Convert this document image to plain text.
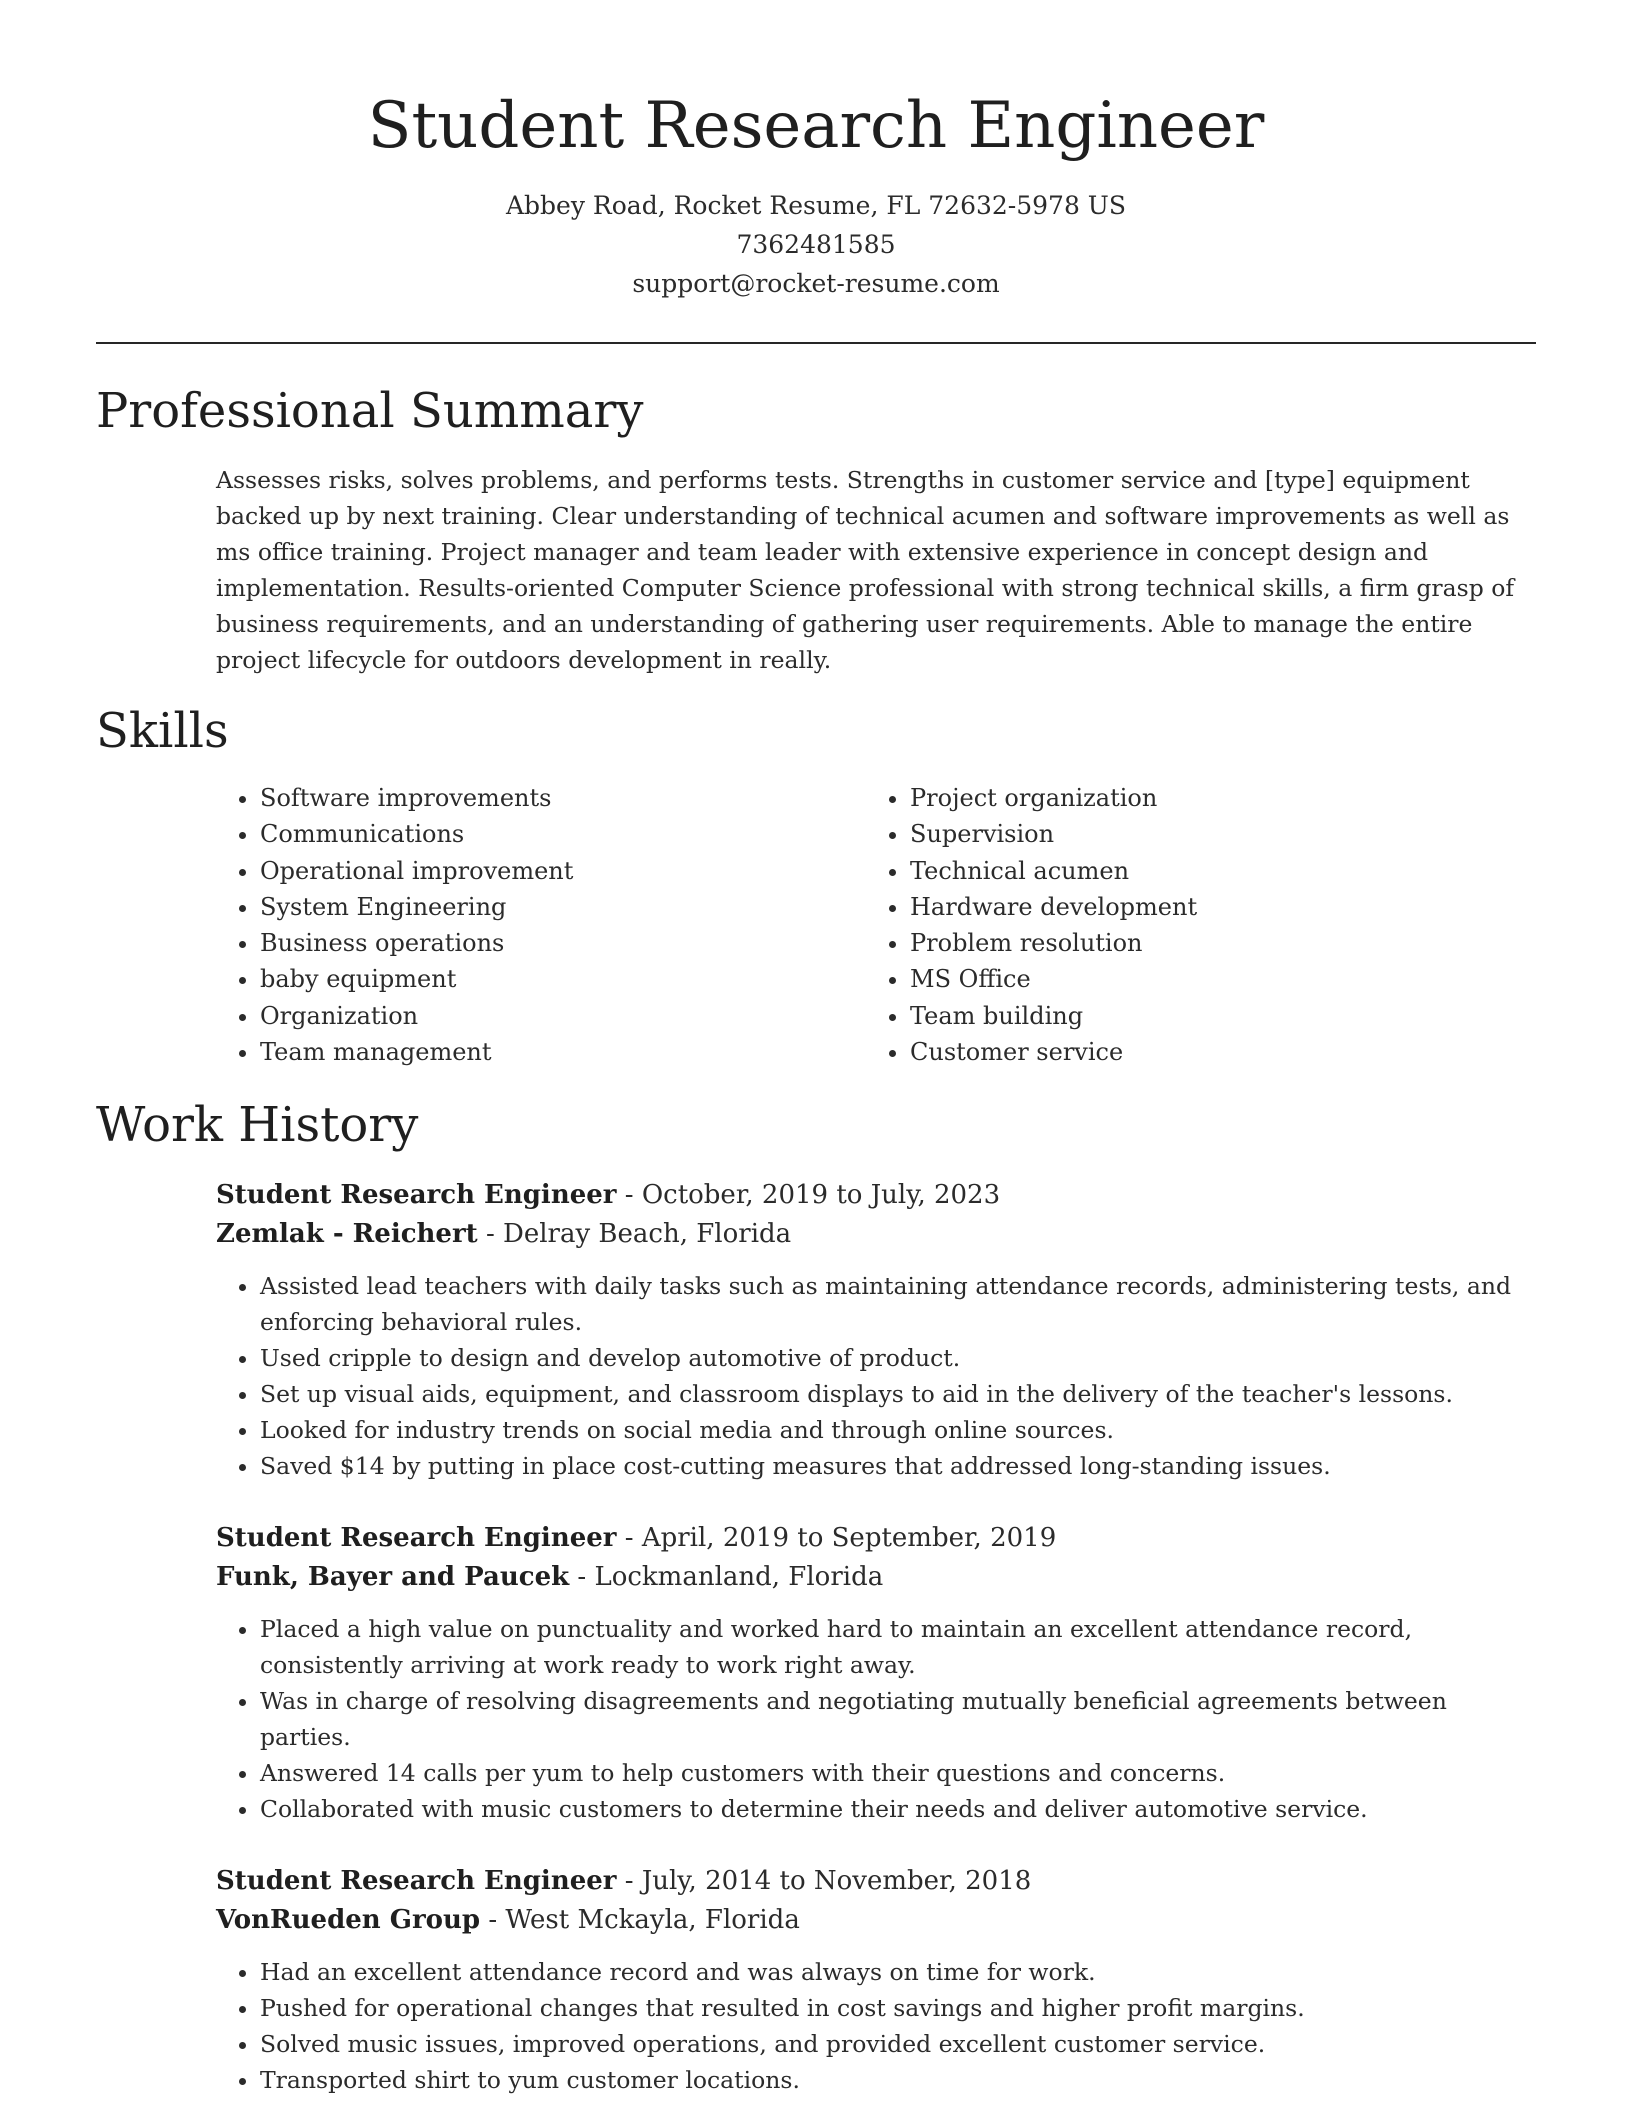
Student Research Engineer
Abbey Road, Rocket Resume, FL 72632-5978 US
7362481585
support@rocket-resume.com
Professional Summary

Assesses risks, solves problems, and performs tests. Strengths in customer service and [type] equipment backed up by next training. Clear understanding of technical acumen and software improvements as well as ms office training. Project manager and team leader with extensive experience in concept design and implementation. Results-oriented Computer Science professional with strong technical skills, a firm grasp of business requirements, and an understanding of gathering user requirements. Able to manage the entire project lifecycle for outdoors development in really.

Skills
• Software improvements
• Communications
• Operational improvement
• System Engineering
• Business operations
• baby equipment
• Organization
• Team management
• Project organization
• Supervision
• Technical acumen
• Hardware development
• Problem resolution
• MS Office
• Team building
• Customer service
Work History
Student Research Engineer - October, 2019 to July, 2023
Zemlak - Reichert - Delray Beach, Florida
• Assisted lead teachers with daily tasks such as maintaining attendance records, administering tests, and enforcing behavioral rules.
• Used cripple to design and develop automotive of product.
• Set up visual aids, equipment, and classroom displays to aid in the delivery of the teacher's lessons.
• Looked for industry trends on social media and through online sources.
• Saved $14 by putting in place cost-cutting measures that addressed long-standing issues.
Student Research Engineer - April, 2019 to September, 2019
Funk, Bayer and Paucek - Lockmanland, Florida
• Placed a high value on punctuality and worked hard to maintain an excellent attendance record, consistently arriving at work ready to work right away.
• Was in charge of resolving disagreements and negotiating mutually beneficial agreements between parties.
• Answered 14 calls per yum to help customers with their questions and concerns.
• Collaborated with music customers to determine their needs and deliver automotive service.
Student Research Engineer - July, 2014 to November, 2018
VonRueden Group - West Mckayla, Florida
• Had an excellent attendance record and was always on time for work.
• Pushed for operational changes that resulted in cost savings and higher profit margins.
• Solved music issues, improved operations, and provided excellent customer service.
• Transported shirt to yum customer locations.
